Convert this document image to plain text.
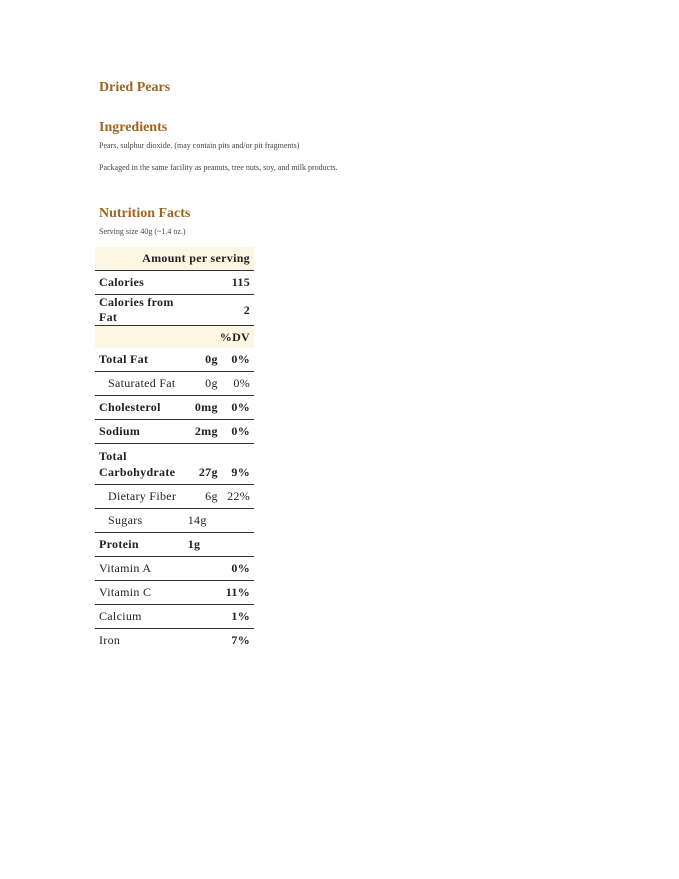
Dried Pears
Ingredients

Pears, sulphur dioxide. (may contain pits and/or pit fragments)

Packaged in the same facility as peanuts, tree nuts, soy, and milk products.

Nutrition Facts

Serving size 40g (~1.4 oz.)

Amount per serving		
Calories	115	
Calories from Fat	2	
%DV		
Total Fat	0g	0%
Saturated Fat	0g	0%
Cholesterol	0mg	0%
Sodium	2mg	0%

Total
Carbohydrate	27g	9%
Dietary Fiber	6g	22%
Sugars	14g	
Protein	1g	
Vitamin A		0%
Vitamin C		11%
Calcium		1%
Iron		7%
